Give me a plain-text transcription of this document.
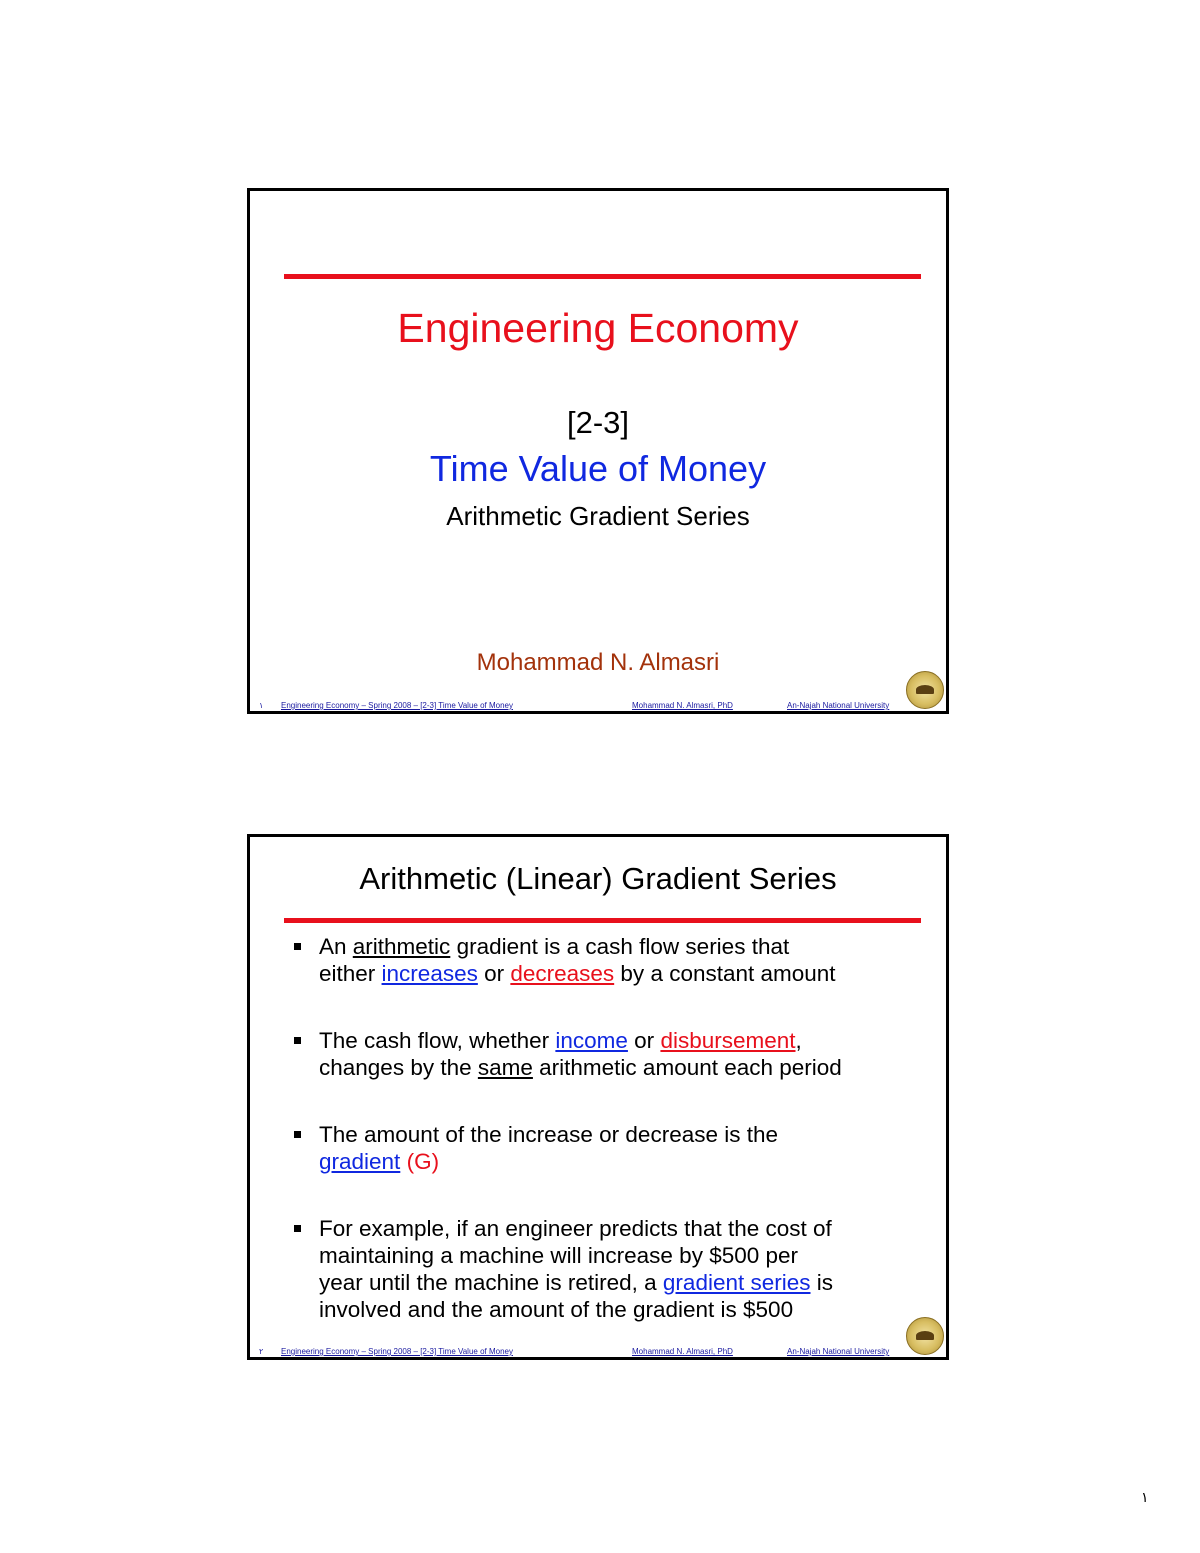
Engineering Economy
[2-3]
Time Value of Money
Arithmetic Gradient Series
Mohammad N. Almasri
١ Engineering Economy – Spring 2008 – [2-3] Time Value of Money	Mohammad N. Almasri, PhD	An-Najah National University
Arithmetic (Linear) Gradient Series
An arithmetic gradient is a cash flow series that
either increases or decreases by a constant amount
The cash flow, whether income or disbursement,
changes by the same arithmetic amount each period
The amount of the increase or decrease is the
gradient (G)
For example, if an engineer predicts that the cost of
maintaining a machine will increase by $500 per
year until the machine is retired, a gradient series is
involved and the amount of the gradient is $500
٢ Engineering Economy – Spring 2008 – [2-3] Time Value of Money	Mohammad N. Almasri, PhD	An-Najah National University
١
